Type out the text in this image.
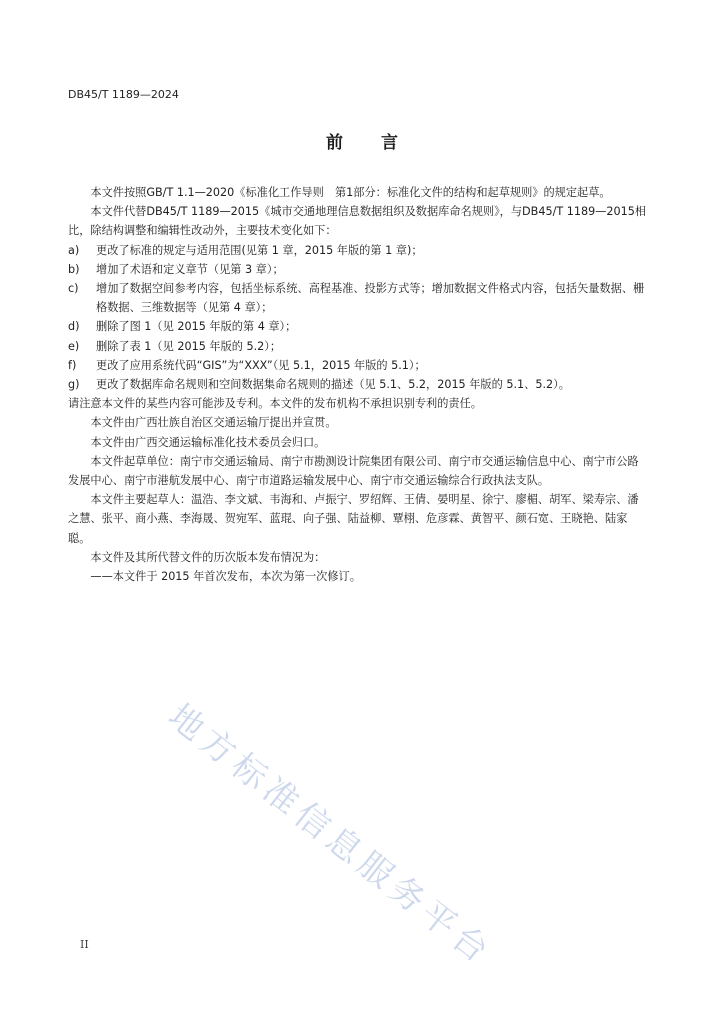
DB45/T 1189—2024
前言

本文件按照GB/T 1.1—2020《标准化工作导则　第1部分：标准化文件的结构和起草规则》的规定起草。

本文件代替DB45/T 1189—2015《城市交通地理信息数据组织及数据库命名规则》，与DB45/T 1189—2015相比，除结构调整和编辑性改动外，主要技术变化如下：

a)	更改了标准的规定与适用范围(见第 1 章，2015 年版的第 1 章)；
b)	增加了术语和定义章节（见第 3 章）；
c)	增加了数据空间参考内容，包括坐标系统、高程基准、投影方式等；增加数据文件格式内容，包括矢量数据、栅格数据、三维数据等（见第 4 章）；
d)	删除了图 1（见 2015 年版的第 4 章）；
e)	删除了表 1（见 2015 年版的 5.2）；
f)	更改了应用系统代码“GIS”为“XXX”（见 5.1，2015 年版的 5.1）；
g)	更改了数据库命名规则和空间数据集命名规则的描述（见 5.1、5.2，2015 年版的 5.1、5.2）。

请注意本文件的某些内容可能涉及专利。本文件的发布机构不承担识别专利的责任。

本文件由广西壮族自治区交通运输厅提出并宣贯。

本文件由广西交通运输标准化技术委员会归口。

本文件起草单位：南宁市交通运输局、南宁市勘测设计院集团有限公司、南宁市交通运输信息中心、南宁市公路发展中心、南宁市港航发展中心、南宁市道路运输发展中心、南宁市交通运输综合行政执法支队。

本文件主要起草人：温浩、李文斌、韦海和、卢振宁、罗绍辉、王倩、晏明星、徐宁、廖楣、胡军、梁寿宗、潘之慧、张平、商小燕、李海晟、贺宛军、蓝琨、向子强、陆益柳、覃栩、危彦霖、黄智平、颜石宽、王晓艳、陆家聪。

本文件及其所代替文件的历次版本发布情况为：

——本文件于 2015 年首次发布，本次为第一次修订。

地方标准信息服务平台
II
